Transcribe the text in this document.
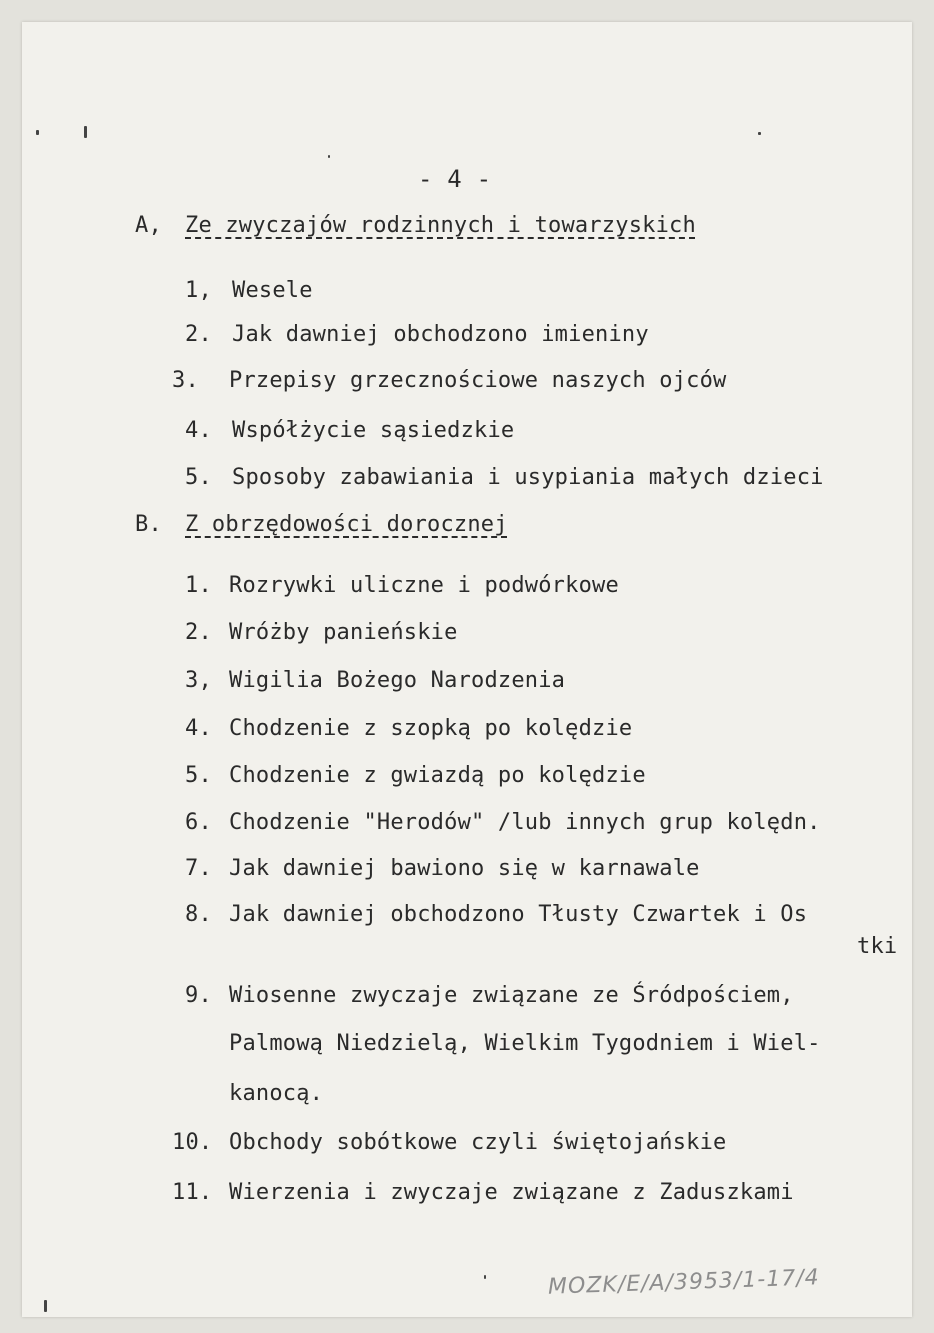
- 4 -
A, Ze zwyczajów rodzinnych i towarzyskich
1, Wesele
2. Jak dawniej obchodzono imieniny
3. Przepisy grzecznościowe naszych ojców
4. Współżycie sąsiedzkie
5. Sposoby zabawiania i usypiania małych dzieci
B. Z obrzędowości dorocznej
1. Rozrywki uliczne i podwórkowe
2. Wróżby panieńskie
3, Wigilia Bożego Narodzenia
4. Chodzenie z szopką po kolędzie
5. Chodzenie z gwiazdą po kolędzie
6. Chodzenie "Herodów" /lub innych grup kolędn.
7. Jak dawniej bawiono się w karnawale
8. Jak dawniej obchodzono Tłusty Czwartek i Os
tki
9. Wiosenne zwyczaje związane ze Śródpościem,
Palmową Niedzielą, Wielkim Tygodniem i Wiel-
kanocą.
10. Obchody sobótkowe czyli świętojańskie
11. Wierzenia i zwyczaje związane z Zaduszkami
MOZK/E/A/3953/1-17/4
